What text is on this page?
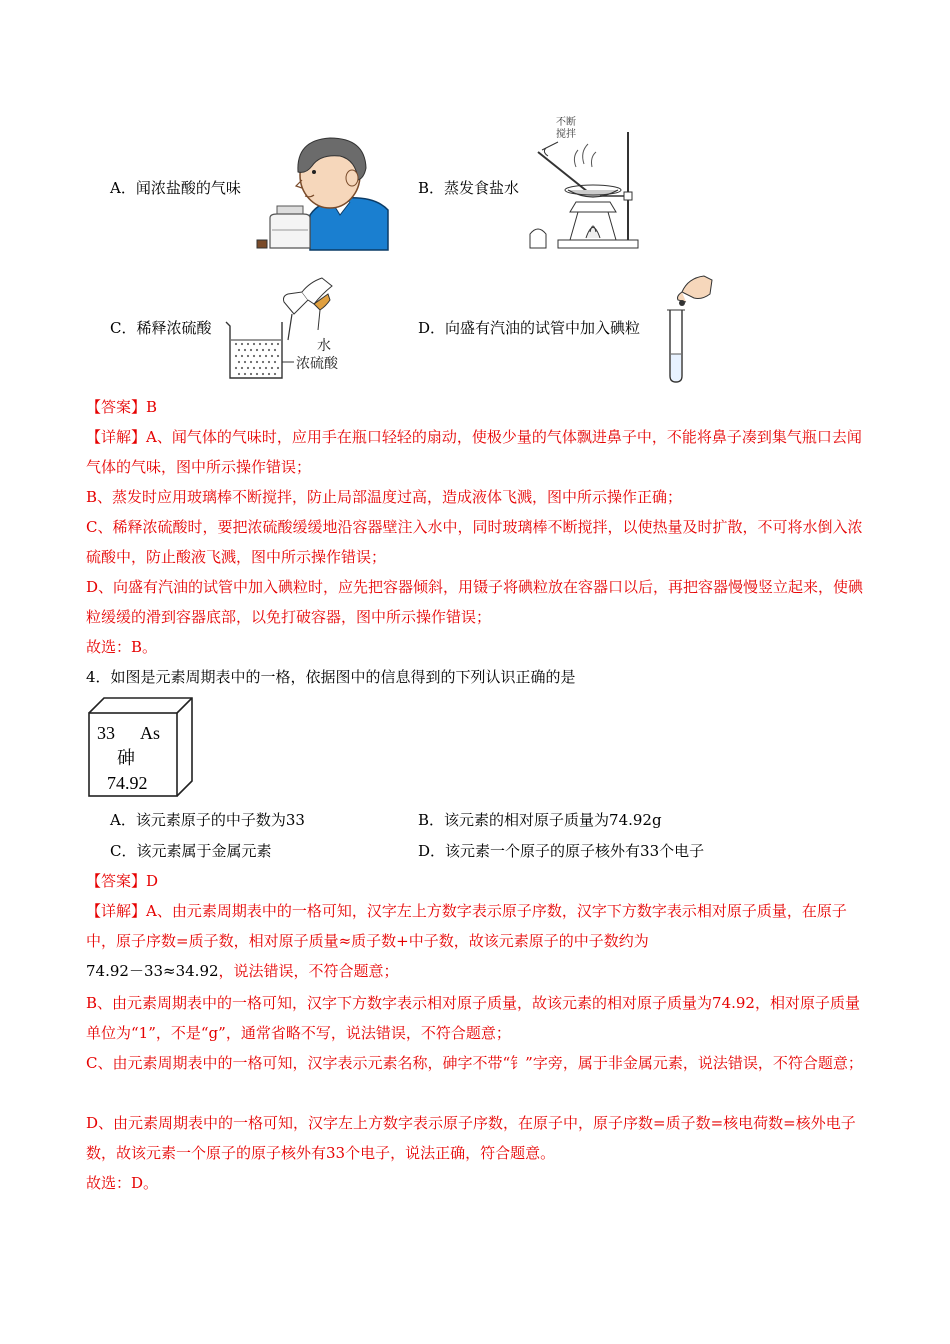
A．闻浓盐酸的气味	B．蒸发食盐水
C．稀释浓硫酸	D．向盛有汽油的试管中加入碘粒
不断
搅拌
水
浓硫酸
【答案】B
【详解】A、闻气体的气味时，应用手在瓶口轻轻的扇动，使极少量的气体飘进鼻子中，不能将鼻子凑到集气瓶口去闻气体的气味，图中所示操作错误；
B、蒸发时应用玻璃棒不断搅拌，防止局部温度过高，造成液体飞溅，图中所示操作正确；
C、稀释浓硫酸时，要把浓硫酸缓缓地沿容器壁注入水中，同时玻璃棒不断搅拌，以使热量及时扩散，不可将水倒入浓硫酸中，防止酸液飞溅，图中所示操作错误；
D、向盛有汽油的试管中加入碘粒时，应先把容器倾斜，用镊子将碘粒放在容器口以后，再把容器慢慢竖立起来，使碘粒缓缓的滑到容器底部，以免打破容器，图中所示操作错误；
故选：B。
4．如图是元素周期表中的一格，依据图中的信息得到的下列认识正确的是
33 As
砷
74.92
A．该元素原子的中子数为33	B．该元素的相对原子质量为74.92g
C．该元素属于金属元素	D．该元素一个原子的原子核外有33个电子
【答案】D
【详解】A、由元素周期表中的一格可知，汉字左上方数字表示原子序数，汉字下方数字表示相对原子质量，在原子中，原子序数=质子数，相对原子质量≈质子数+中子数，故该元素原子的中子数约为
74.92－33≈34.92，说法错误，不符合题意；
B、由元素周期表中的一格可知，汉字下方数字表示相对原子质量，故该元素的相对原子质量为74.92，相对原子质量单位为“1”，不是“g”，通常省略不写，说法错误，不符合题意；
C、由元素周期表中的一格可知，汉字表示元素名称，砷字不带“钅”字旁，属于非金属元素，说法错误，不符合题意；
D、由元素周期表中的一格可知，汉字左上方数字表示原子序数，在原子中，原子序数=质子数=核电荷数=核外电子数，故该元素一个原子的原子核外有33个电子，说法正确，符合题意。
故选：D。
